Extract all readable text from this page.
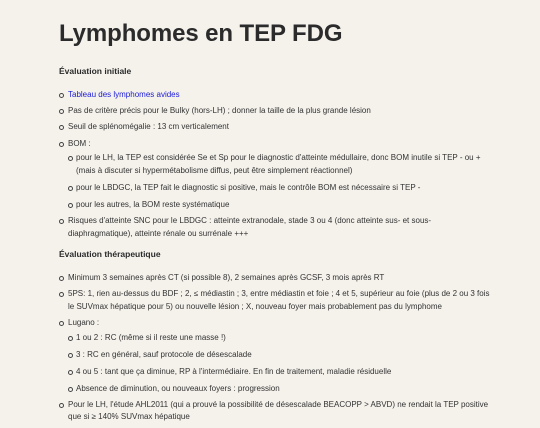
Lymphomes en TEP FDG
Évaluation initiale
Tableau des lymphomes avides
Pas de critère précis pour le Bulky (hors-LH) ; donner la taille de la plus grande lésion
Seuil de splénomégalie : 13 cm verticalement
BOM :
pour le LH, la TEP est considérée Se et Sp pour le diagnostic d'atteinte médullaire, donc BOM inutile si TEP - ou + (mais à discuter si hypermétabolisme diffus, peut être simplement réactionnel)
pour le LBDGC, la TEP fait le diagnostic si positive, mais le contrôle BOM est nécessaire si TEP -
pour les autres, la BOM reste systématique
Risques d'atteinte SNC pour le LBDGC : atteinte extranodale, stade 3 ou 4 (donc atteinte sus- et sous-diaphragmatique), atteinte rénale ou surrénale +++
Évaluation thérapeutique
Minimum 3 semaines après CT (si possible 8), 2 semaines après GCSF, 3 mois après RT
5PS: 1, rien au-dessus du BDF ; 2, ≤ médiastin ; 3, entre médiastin et foie ; 4 et 5, supérieur au foie (plus de 2 ou 3 fois le SUVmax hépatique pour 5) ou nouvelle lésion ; X, nouveau foyer mais probablement pas du lymphome
Lugano :
1 ou 2 : RC (même si il reste une masse !)
3 : RC en général, sauf protocole de désescalade
4 ou 5 : tant que ça diminue, RP à l'intermédiaire. En fin de traitement, maladie résiduelle
Absence de diminution, ou nouveaux foyers : progression
Pour le LH, l'étude AHL2011 (qui a prouvé la possibilité de désescalade BEACOPP > ABVD) ne rendait la TEP positive que si ≥ 140% SUVmax hépatique
